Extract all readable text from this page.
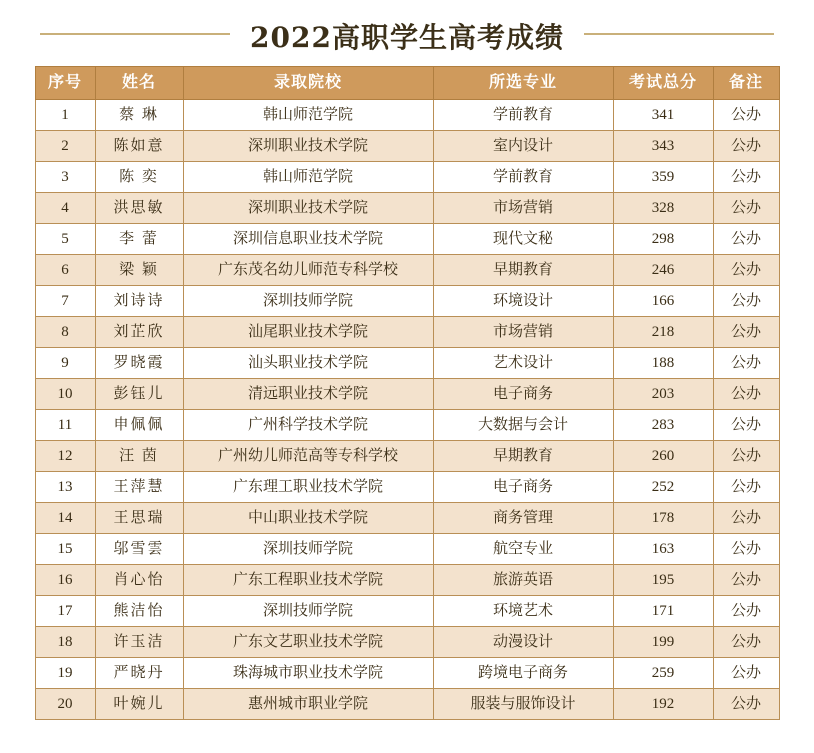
2022高职学生高考成绩
序号	姓名	录取院校	所选专业	考试总分	备注
1	蔡 琳	韩山师范学院	学前教育	341	公办
2	陈如意	深圳职业技术学院	室内设计	343	公办
3	陈 奕	韩山师范学院	学前教育	359	公办
4	洪思敏	深圳职业技术学院	市场营销	328	公办
5	李 蕾	深圳信息职业技术学院	现代文秘	298	公办
6	梁 颖	广东茂名幼儿师范专科学校	早期教育	246	公办
7	刘诗诗	深圳技师学院	环境设计	166	公办
8	刘芷欣	汕尾职业技术学院	市场营销	218	公办
9	罗晓霞	汕头职业技术学院	艺术设计	188	公办
10	彭钰儿	清远职业技术学院	电子商务	203	公办
11	申佩佩	广州科学技术学院	大数据与会计	283	公办
12	汪 茵	广州幼儿师范高等专科学校	早期教育	260	公办
13	王萍慧	广东理工职业技术学院	电子商务	252	公办
14	王思瑞	中山职业技术学院	商务管理	178	公办
15	邬雪雲	深圳技师学院	航空专业	163	公办
16	肖心怡	广东工程职业技术学院	旅游英语	195	公办
17	熊洁怡	深圳技师学院	环境艺术	171	公办
18	许玉洁	广东文艺职业技术学院	动漫设计	199	公办
19	严晓丹	珠海城市职业技术学院	跨境电子商务	259	公办
20	叶婉儿	惠州城市职业学院	服装与服饰设计	192	公办
